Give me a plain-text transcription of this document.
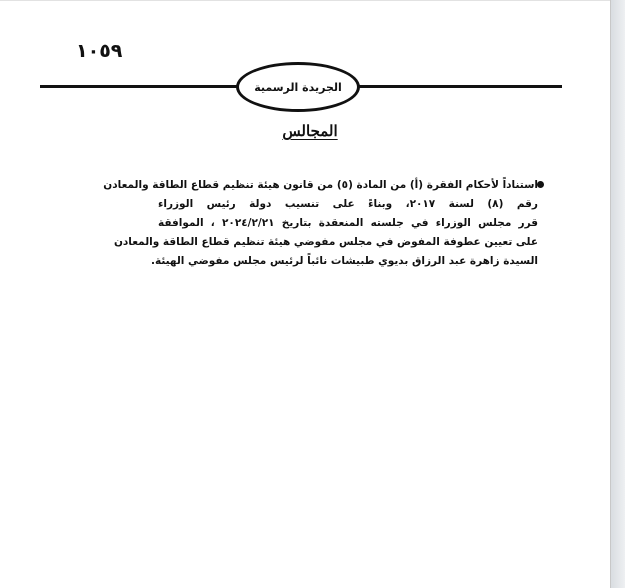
١٠٥٩
الجريدة الرسمية
المجالس
استناداً لأحكام الفقرة (أ) من المادة (٥) من قانون هيئة تنظيم قطاع الطاقة والمعادن
رقم (٨) لسنة ٢٠١٧، وبناءً على تنسيب دولة رئيس الوزراء
قرر مجلس الوزراء في جلسته المنعقدة بتاريخ ٢٠٢٤/٢/٢١ ، الموافقة
على تعيين عطوفة المفوض في مجلس مفوضي هيئة تنظيم قطاع الطاقة والمعادن
السيدة زاهرة عبد الرزاق بديوي طبيشات نائباً لرئيس مجلس مفوضي الهيئة.
